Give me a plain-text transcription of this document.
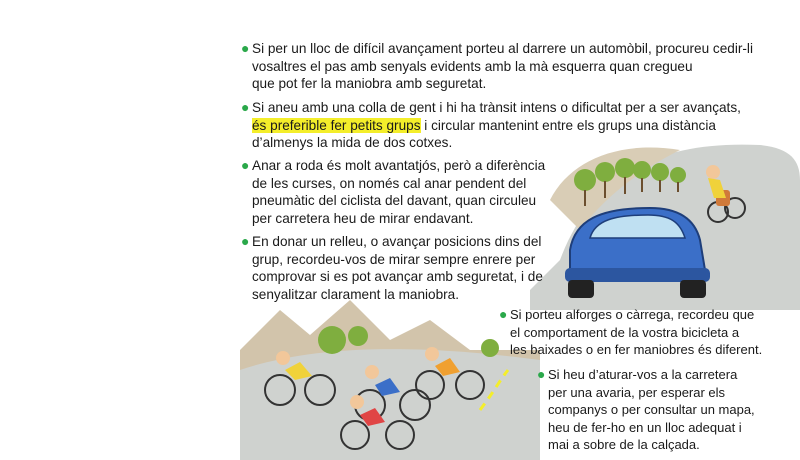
● Si per un lloc de difícil avançament porteu al darrere un automòbil, procureu cedir-li

vosaltres el pas amb senyals evidents amb la mà esquerra quan cregueu

que pot fer la maniobra amb seguretat.

● Si aneu amb una colla de gent i hi ha trànsit intens o dificultat per a ser avançats,

és preferible fer petits grups i circular mantenint entre els grups una distància

d’almenys la mida de dos cotxes.

● Anar a roda és molt avantatjós, però a diferència

de les curses, on només cal anar pendent del

pneumàtic del ciclista del davant, quan circuleu

per carretera heu de mirar endavant.

● En donar un relleu, o avançar posicions dins del

grup, recordeu-vos de mirar sempre enrere per

comprovar si es pot avançar amb seguretat, i de

senyalitzar clarament la maniobra.

● Si porteu alforges o càrrega, recordeu que

el comportament de la vostra bicicleta a

les baixades o en fer maniobres és diferent.

● Si heu d’aturar-vos a la carretera

per una avaria, per esperar els

companys o per consultar un mapa,

heu de fer-ho en un lloc adequat i

mai a sobre de la calçada.
